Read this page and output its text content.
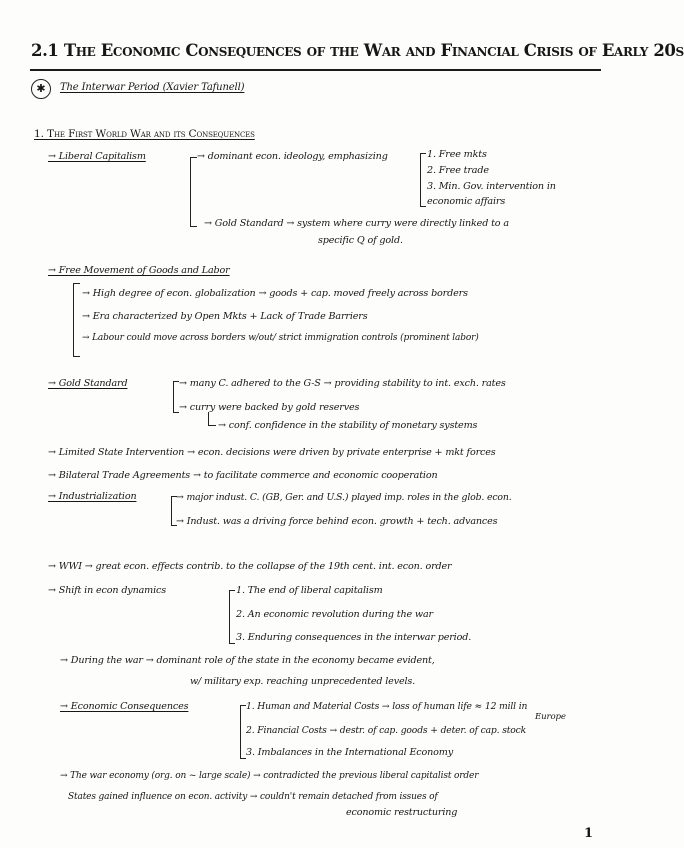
2.1 The Economic Consequences of the War and Financial Crisis of Early 20s
✱	The Interwar Period (Xavier Tafunell)
1. The First World War and its Consequences
→ Liberal Capitalism	→ dominant econ. ideology, emphasizing	1. Free mkts
2. Free trade
3. Min. Gov. intervention in
economic affairs
→ Gold Standard → system where curry were directly linked to a
specific Q of gold.
→ Free Movement of Goods and Labor
→ High degree of econ. globalization → goods + cap. moved freely across borders
→ Era characterized by Open Mkts + Lack of Trade Barriers
→ Labour could move across borders w/out/ strict immigration controls (prominent labor)
→ Gold Standard	→ many C. adhered to the G-S → providing stability to int. exch. rates
→ curry were backed by gold reserves
→ conf. confidence in the stability of monetary systems
→ Limited State Intervention → econ. decisions were driven by private enterprise + mkt forces
→ Bilateral Trade Agreements → to facilitate commerce and economic cooperation
→ Industrialization	→ major indust. C. (GB, Ger. and U.S.) played imp. roles in the glob. econ.
→ Indust. was a driving force behind econ. growth + tech. advances
→ WWI → great econ. effects contrib. to the collapse of the 19th cent. int. econ. order
→ Shift in econ dynamics	1. The end of liberal capitalism
2. An economic revolution during the war
3. Enduring consequences in the interwar period.
→ During the war → dominant role of the state in the economy became evident,
w/ military exp. reaching unprecedented levels.
→ Economic Consequences	1. Human and Material Costs → loss of human life ≈ 12 mill in
Europe
2. Financial Costs → destr. of cap. goods + deter. of cap. stock
3. Imbalances in the International Economy
→ The war economy (org. on ~ large scale) → contradicted the previous liberal capitalist order
States gained influence on econ. activity → couldn't remain detached from issues of
economic restructuring
1
